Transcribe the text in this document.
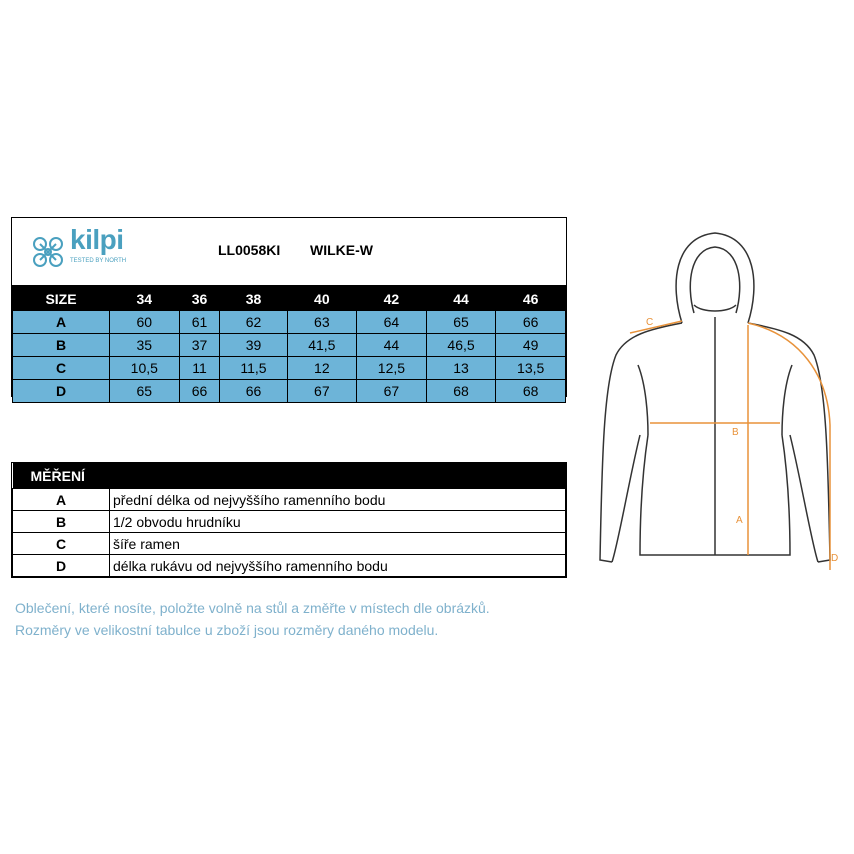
kilpi
TESTED BY NORTH
LL0058KI WILKE-W
SIZE	34	36	38	40	42	44	46
A	60	61	62	63	64	65	66
B	35	37	39	41,5	44	46,5	49
C	10,5	11	11,5	12	12,5	13	13,5
D	65	66	66	67	67	68	68
MĚŘENÍ	
A	přední délka od nejvyššího ramenního bodu
B	1/2 obvodu hrudníku
C	šíře ramen
D	délka rukávu od nejvyššího ramenního bodu
Oblečení, které nosíte, položte volně na stůl a změřte v místech dle obrázků.
Rozměry ve velikostní tabulce u zboží jsou rozměry daného modelu.
C
B
A
D
